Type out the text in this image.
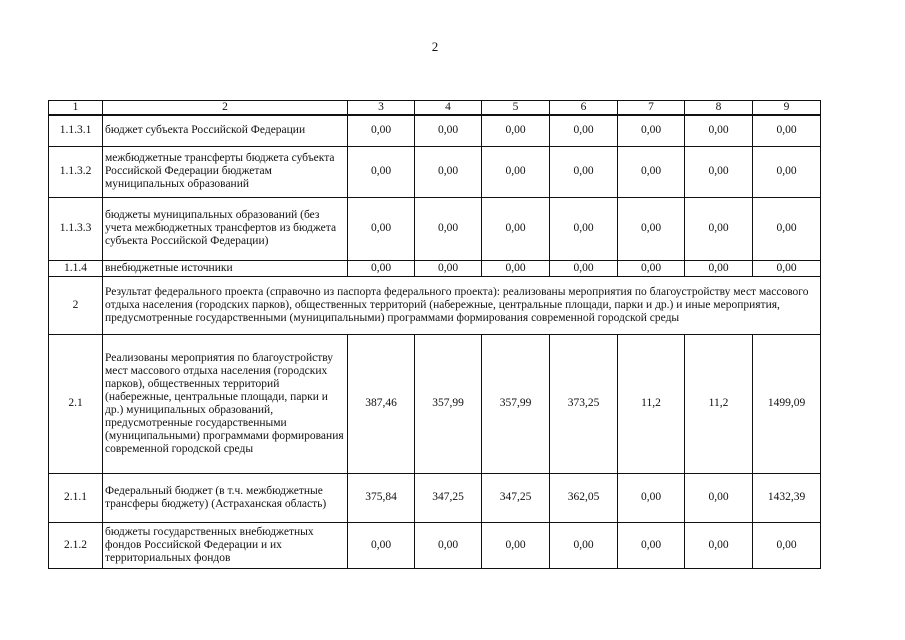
2
1	2	3	4	5	6	7	8	9
1.1.3.1	бюджет субъекта Российской Федерации	0,00	0,00	0,00	0,00	0,00	0,00	0,00
1.1.3.2	межбюджетные трансферты бюджета субъекта Российской Федерации бюджетам муниципальных образований	0,00	0,00	0,00	0,00	0,00	0,00	0,00
1.1.3.3	бюджеты муниципальных образований (без учета межбюджетных трансфертов из бюджета субъекта Российской Федерации)	0,00	0,00	0,00	0,00	0,00	0,00	0,00
1.1.4	внебюджетные источники	0,00	0,00	0,00	0,00	0,00	0,00	0,00
2	Результат федерального проекта (справочно из паспорта федерального проекта): реализованы мероприятия по благоустройству мест массового отдыха населения (городских парков), общественных территорий (набережные, центральные площади, парки и др.) и иные мероприятия, предусмотренные государственными (муниципальными) программами формирования современной городской среды							
2.1	Реализованы мероприятия по благоустройству мест массового отдыха населения (городских парков), общественных территорий (набережные, центральные площади, парки и др.) муниципальных образований, предусмотренные государственными (муниципальными) программами формирования современной городской среды	387,46	357,99	357,99	373,25	11,2	11,2	1499,09
2.1.1	Федеральный бюджет (в т.ч. межбюджетные трансферы бюджету) (Астраханская область)	375,84	347,25	347,25	362,05	0,00	0,00	1432,39
2.1.2	бюджеты государственных внебюджетных фондов Российской Федерации и их территориальных фондов	0,00	0,00	0,00	0,00	0,00	0,00	0,00
